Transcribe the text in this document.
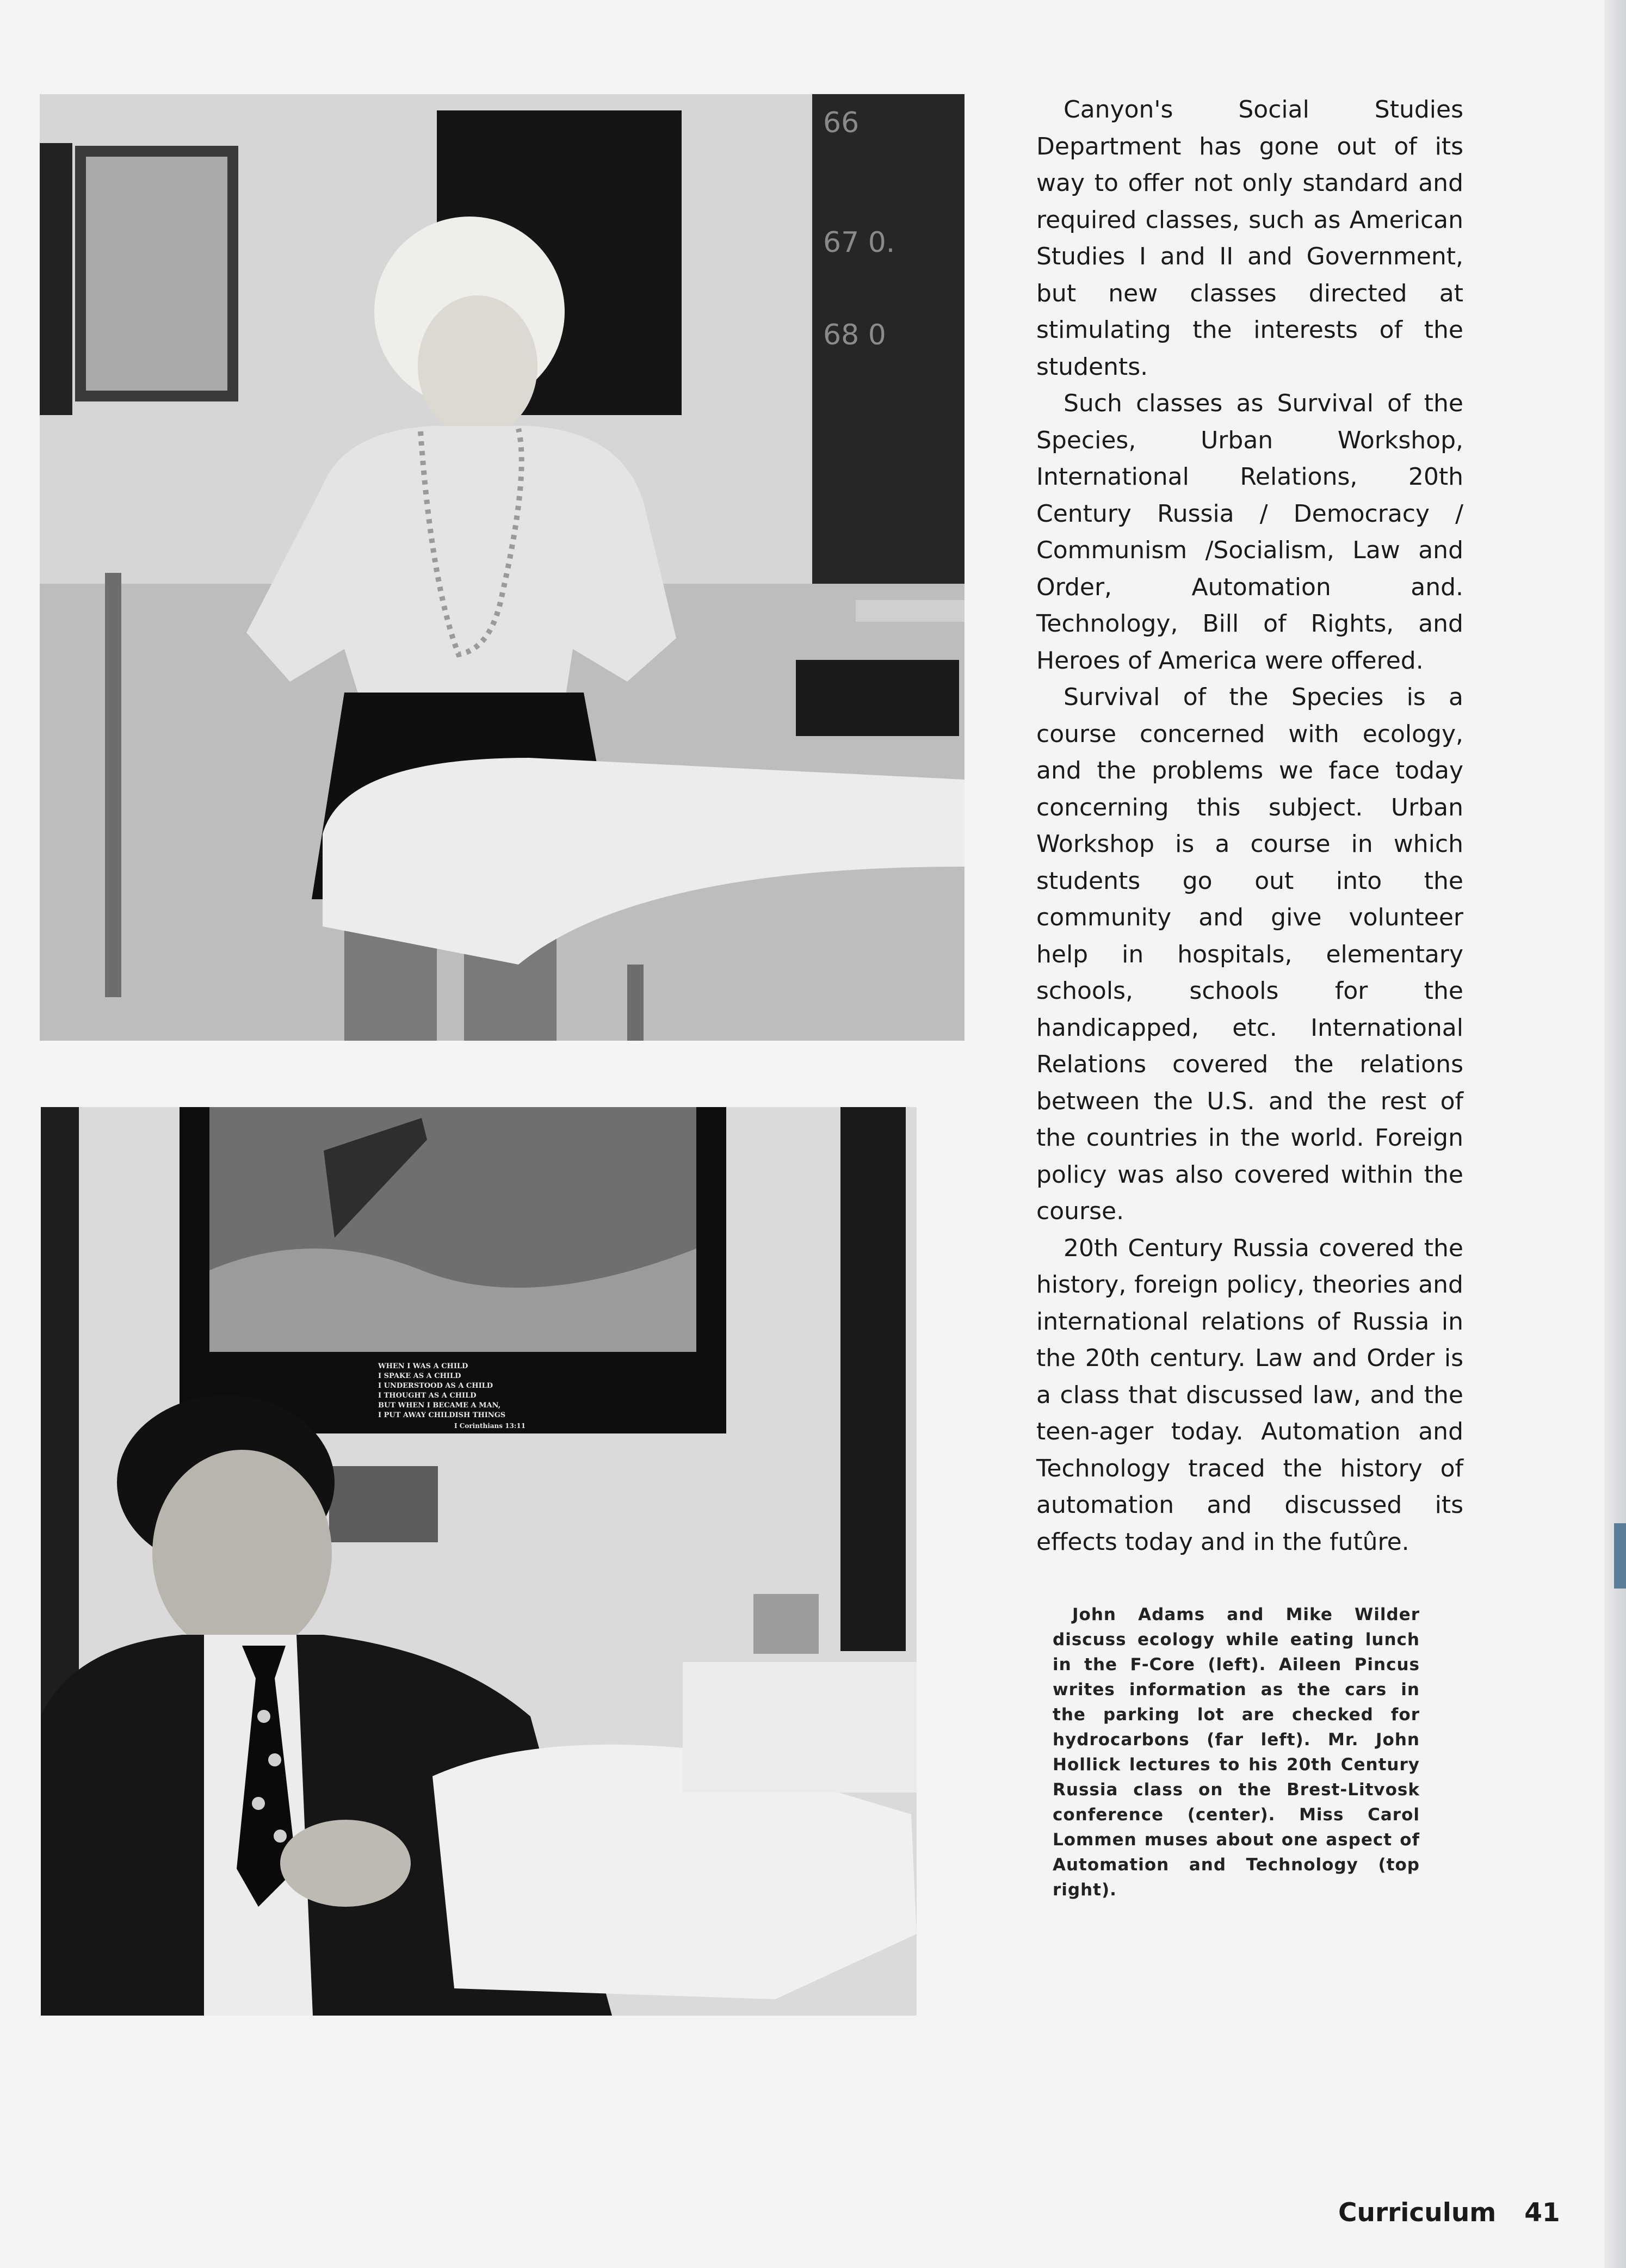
66
67 0.
68 0
WHEN I WAS A CHILD
I SPAKE AS A CHILD
I UNDERSTOOD AS A CHILD
I THOUGHT AS A CHILD
BUT WHEN I BECAME A MAN,
I PUT AWAY CHILDISH THINGS
I Corinthians 13:11

Canyon's Social Studies Department has gone out of its way to offer not only standard and required classes, such as American Studies I and II and Government, but new classes directed at stimulating the interests of the students.

Such classes as Survival of the Species, Urban Workshop, International Relations, 20th Century Russia / Democracy / Communism /Socialism, Law and Order, Automation and. Technology, Bill of Rights, and Heroes of America were offered.

Survival of the Species is a course concerned with ecology, and the problems we face today concerning this subject. Urban Workshop is a course in which students go out into the community and give volunteer help in hospitals, elementary schools, schools for the handicapped, etc. International Relations covered the relations between the U.S. and the rest of the countries in the world. Foreign policy was also covered within the course.

20th Century Russia covered the history, foreign policy, theories and international relations of Russia in the 20th century. Law and Order is a class that discussed law, and the teen-ager today. Automation and Technology traced the history of automation and discussed its effects today and in the futûre.

John Adams and Mike Wilder discuss ecology while eating lunch in the F-Core (left). Aileen Pincus writes information as the cars in the parking lot are checked for hydrocarbons (far left). Mr. John Hollick lectures to his 20th Century Russia class on the Brest-Litvosk conference (center). Miss Carol Lommen muses about one aspect of Automation and Technology (top right).

Curriculum 41
